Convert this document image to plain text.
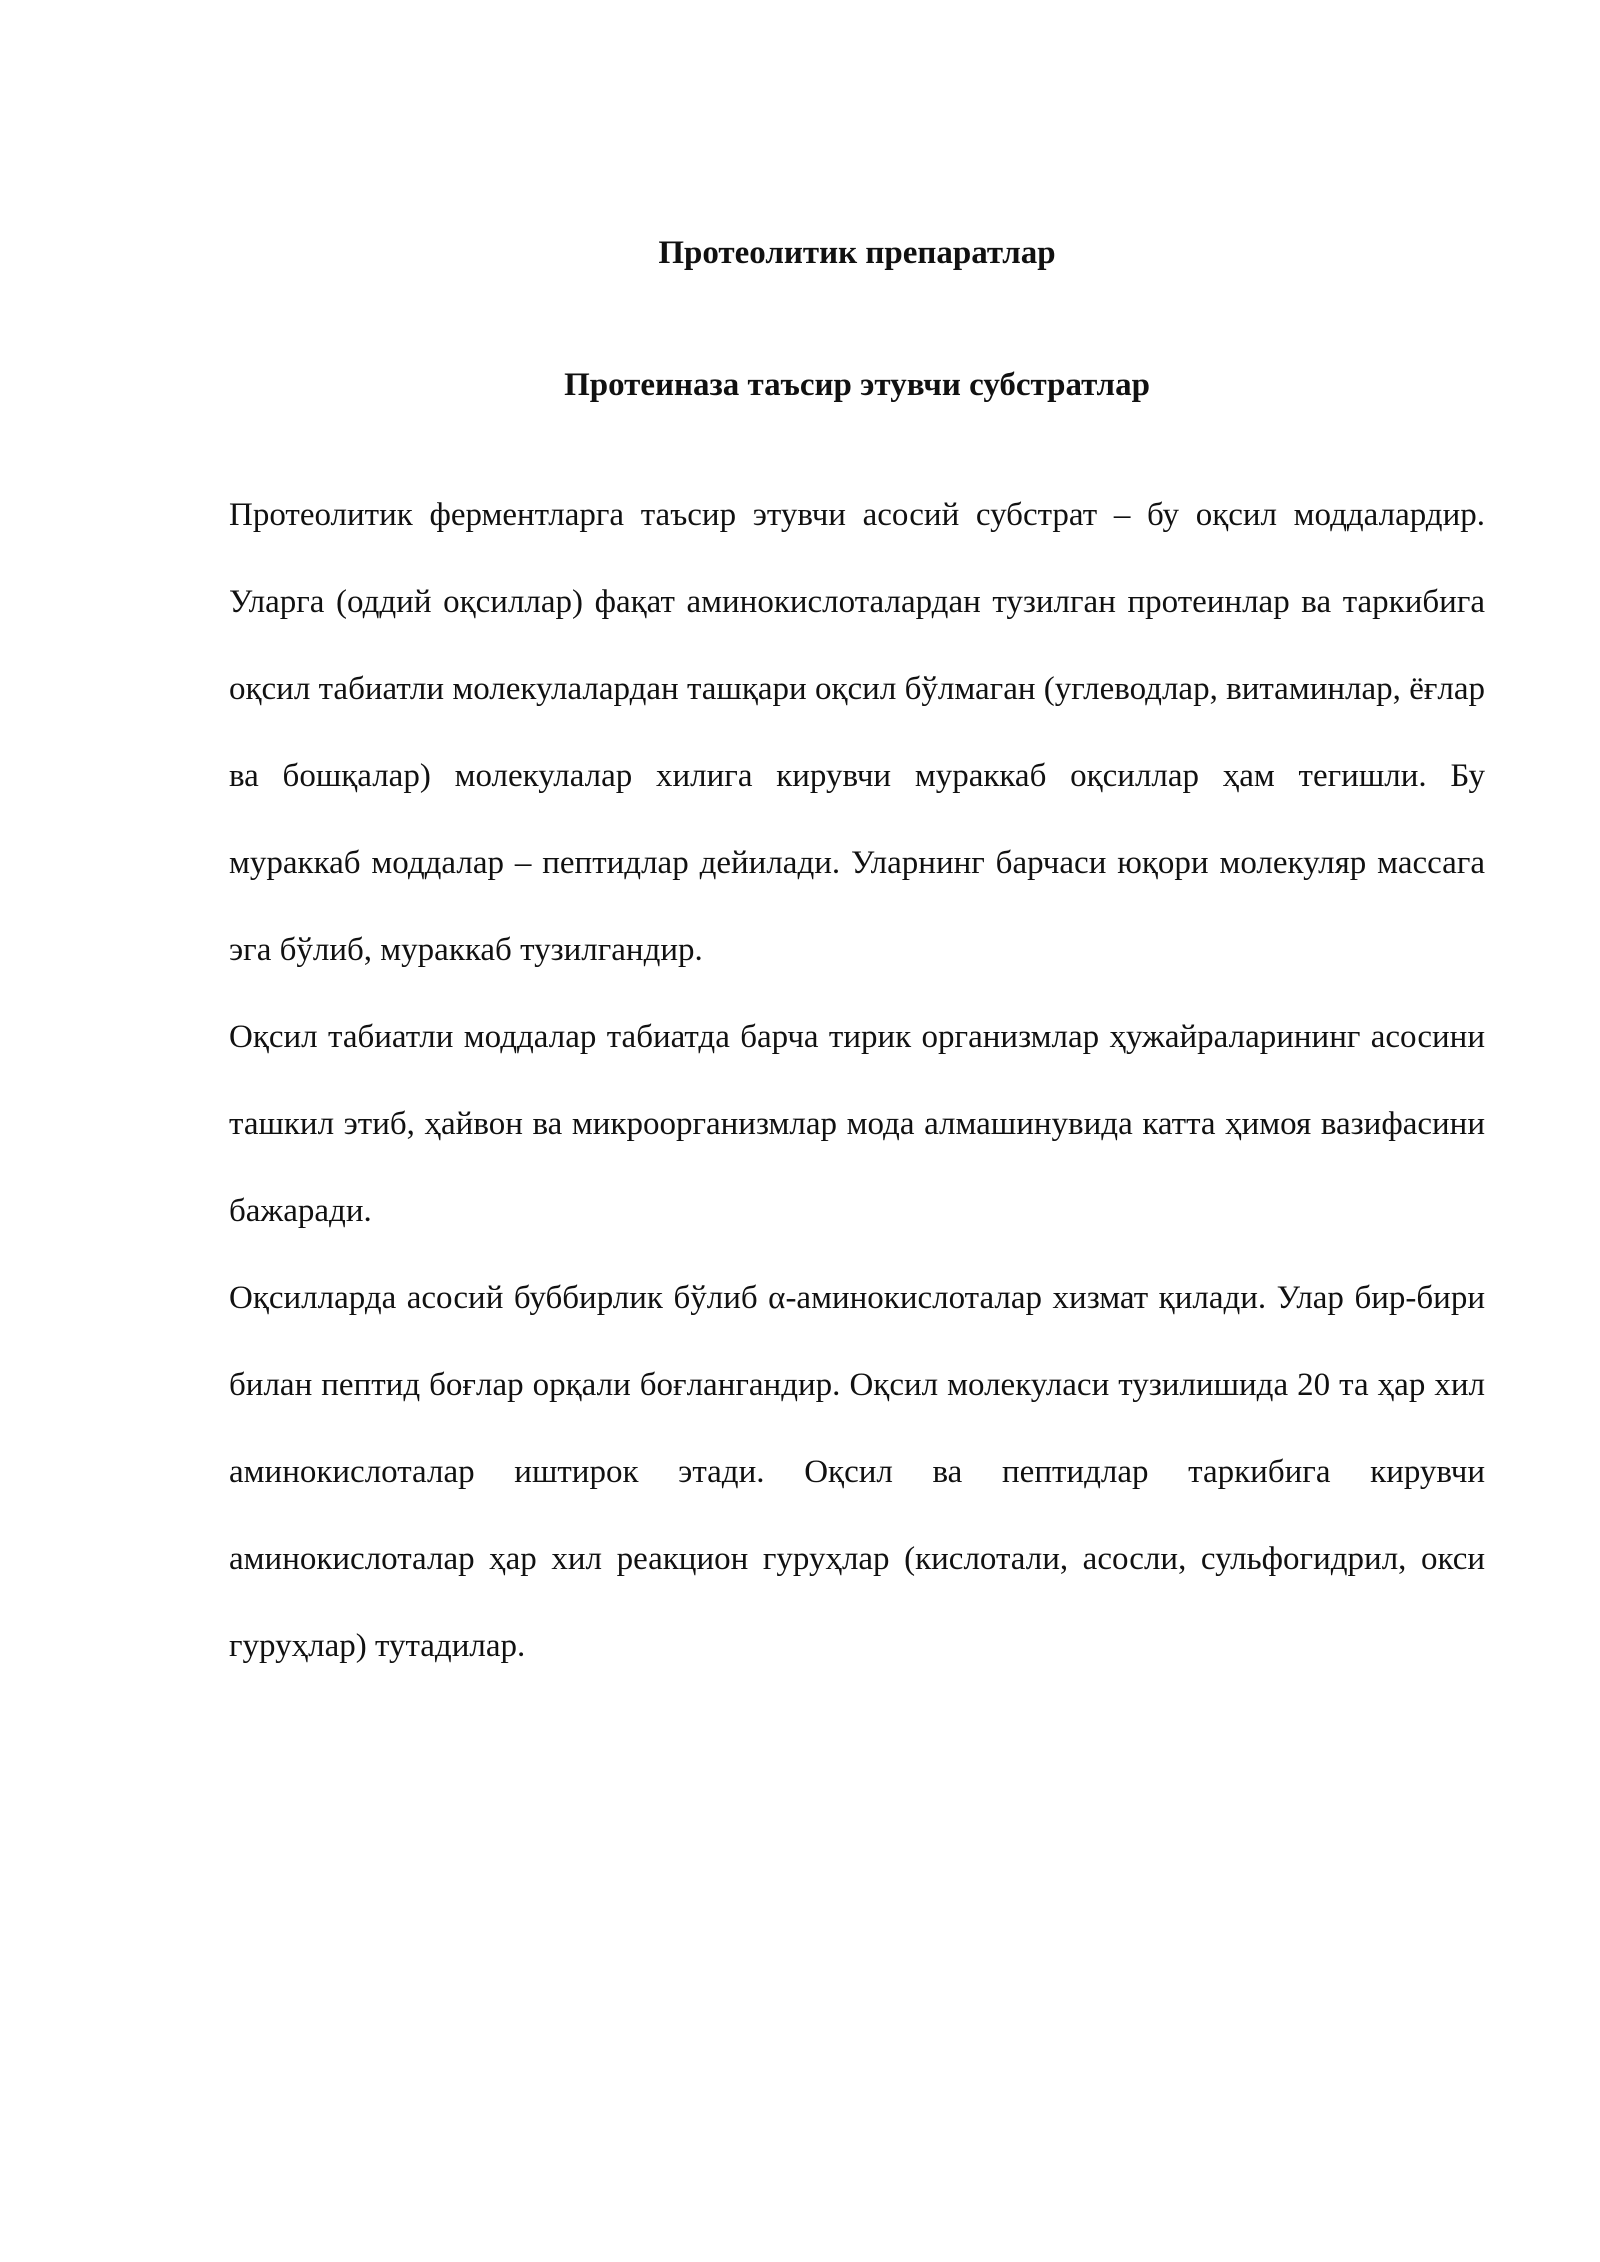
Протеолитик препаратлар
Протеиназа таъсир этувчи субстратлар

Протеолитик ферментларга таъсир этувчи асосий субстрат – бу оқсил моддалардир. Уларга (оддий оқсиллар) фақат аминокислоталардан тузилган протеинлар ва таркибига оқсил табиатли молекулалардан ташқари оқсил бўлмаган (углеводлар, витаминлар, ёғлар ва бошқалар) молекулалар хилига кирувчи мураккаб оқсиллар ҳам тегишли. Бу мураккаб моддалар – пептидлар дейилади. Уларнинг барчаси юқори молекуляр массага эга бўлиб, мураккаб тузилгандир.

Оқсил табиатли моддалар табиатда барча тирик организмлар ҳужайраларининг асосини ташкил этиб, ҳайвон ва микроорганизмлар мода алмашинувида катта ҳимоя вазифасини бажаради.

Оқсилларда асосий буббирлик бўлиб α-аминокислоталар хизмат қилади. Улар бир-бири билан пептид боғлар орқали боғлангандир. Оқсил молекуласи тузилишида 20 та ҳар хил аминокислоталар иштирок этади. Оқсил ва пептидлар таркибига кирувчи аминокислоталар ҳар хил реакцион гуруҳлар (кислотали, асосли, сульфогидрил, окси гуруҳлар) тутадилар.
